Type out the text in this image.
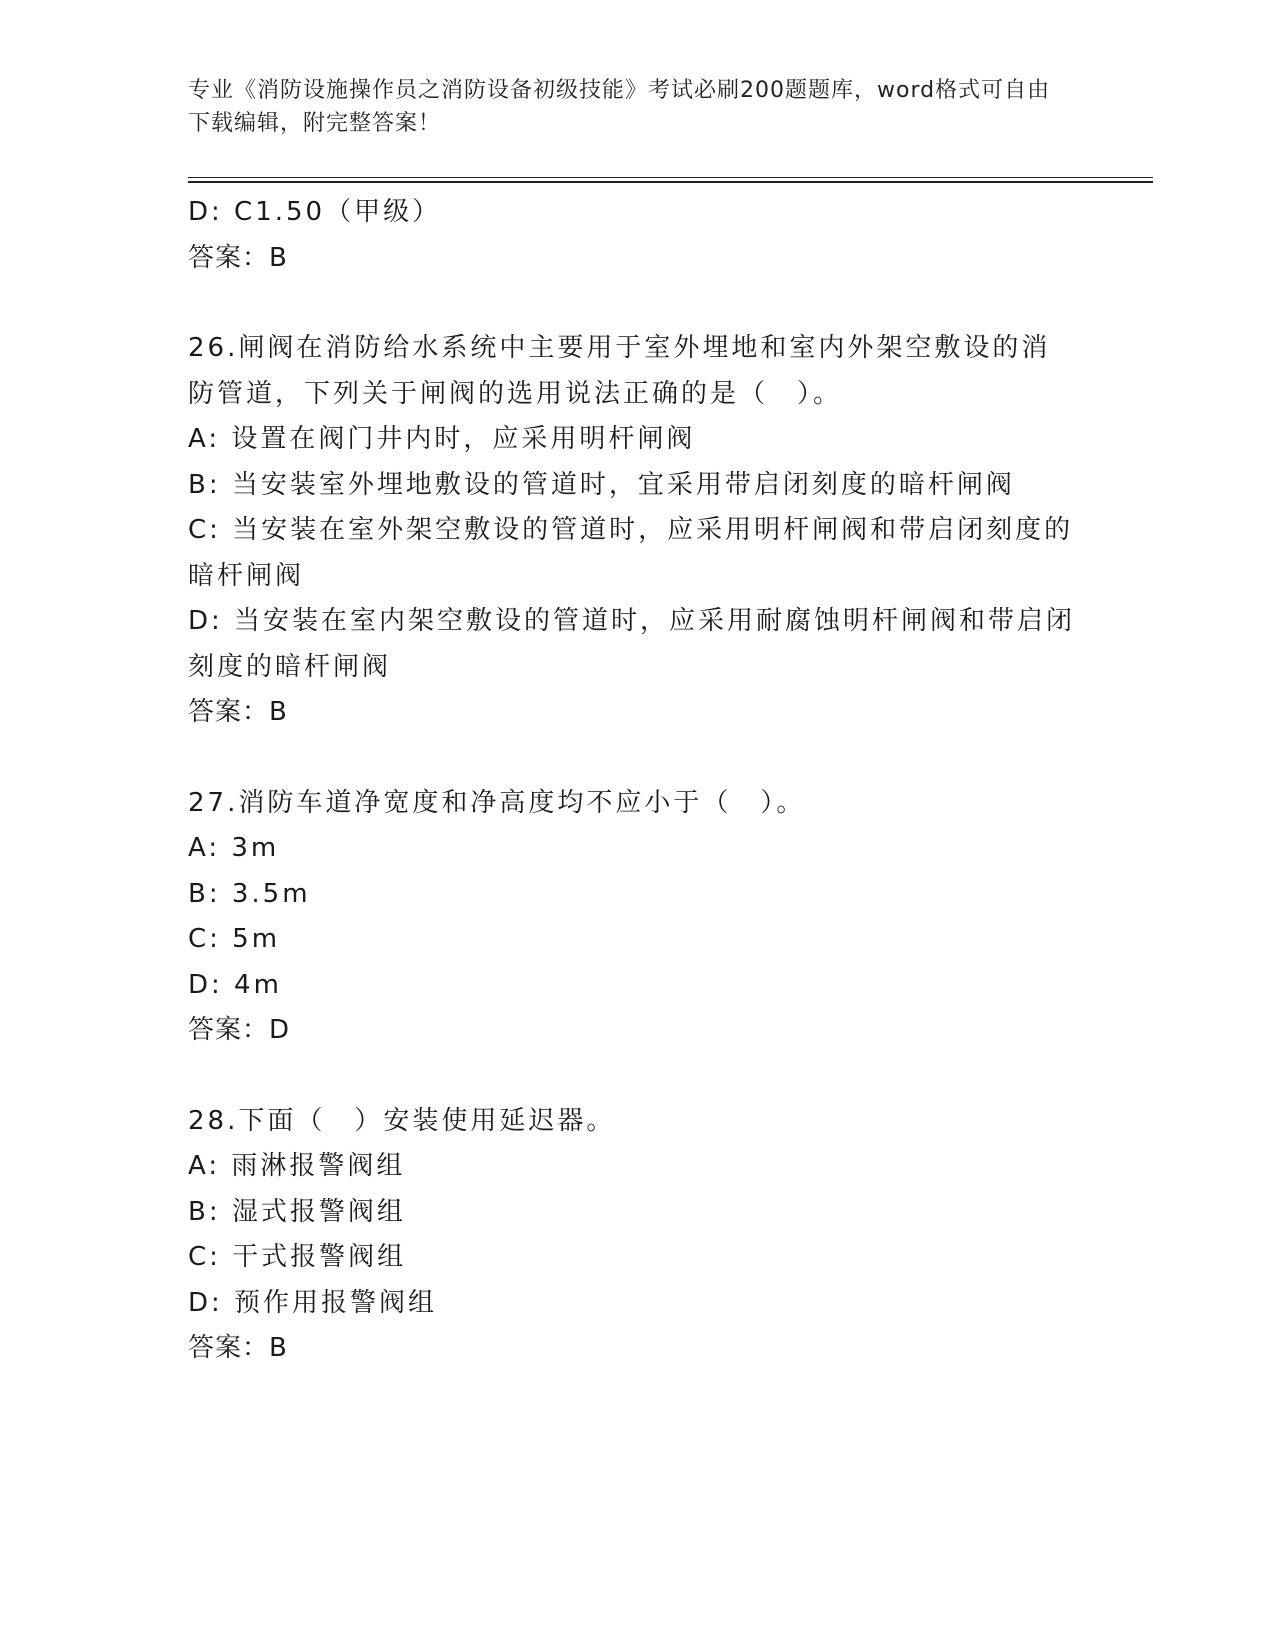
专业《消防设施操作员之消防设备初级技能》考试必刷200题题库，word格式可自由下载编辑，附完整答案！
D: C1.50（甲级）
答案：B
26.闸阀在消防给水系统中主要用于室外埋地和室内外架空敷设的消防管道，下列关于闸阀的选用说法正确的是（　）。
A: 设置在阀门井内时，应采用明杆闸阀
B: 当安装室外埋地敷设的管道时，宜采用带启闭刻度的暗杆闸阀
C: 当安装在室外架空敷设的管道时，应采用明杆闸阀和带启闭刻度的暗杆闸阀
D: 当安装在室内架空敷设的管道时，应采用耐腐蚀明杆闸阀和带启闭刻度的暗杆闸阀
答案：B
27.消防车道净宽度和净高度均不应小于（　）。
A: 3m
B: 3.5m
C: 5m
D: 4m
答案：D
28.下面（　）安装使用延迟器。
A: 雨淋报警阀组
B: 湿式报警阀组
C: 干式报警阀组
D: 预作用报警阀组
答案：B
